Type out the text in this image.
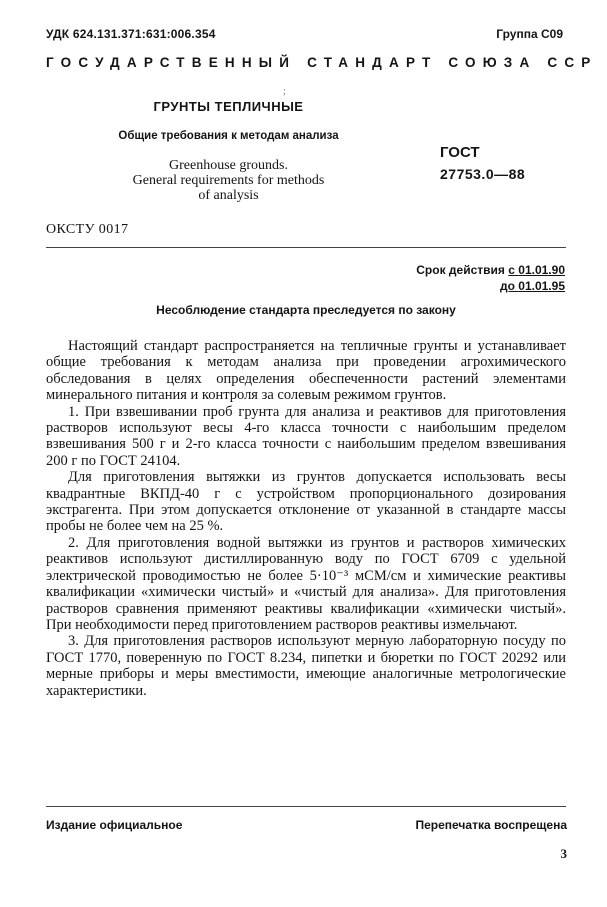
УДК 624.131.371:631:006.354	Группа С09
ГОСУДАРСТВЕННЫЙ СТАНДАРТ СОЮЗА ССР
;
ГРУНТЫ ТЕПЛИЧНЫЕ
Общие требования к методам анализа
Greenhouse grounds.
General requirements for methods
of analysis
ГОСТ
27753.0—88
ОКСТУ 0017
Срок действия с 01.01.90
до 01.01.95
Несоблюдение стандарта преследуется по закону

Настоящий стандарт распространяется на тепличные грунты и устанавливает общие требования к методам анализа при проведении агрохимического обследования в целях определения обеспеченности растений элементами минерального питания и контроля за солевым режимом грунтов.

1. При взвешивании проб грунта для анализа и реактивов для приготовления растворов используют весы 4-го класса точности с наибольшим пределом взвешивания 500 г и 2-го класса точности с наибольшим пределом взвешивания 200 г по ГОСТ 24104.

Для приготовления вытяжки из грунтов допускается использовать весы квадрантные ВКПД-40 г с устройством пропорционального дозирования экстрагента. При этом допускается отклонение от указанной в стандарте массы пробы не более чем на 25 %.

2. Для приготовления водной вытяжки из грунтов и растворов химических реактивов используют дистиллированную воду по ГОСТ 6709 с удельной электрической проводимостью не более 5·10⁻³ мСМ/см и химические реактивы квалификации «химически чистый» и «чистый для анализа». Для приготовления растворов сравнения применяют реактивы квалификации «химически чистый». При необходимости перед приготовлением растворов реактивы измельчают.

3. Для приготовления растворов используют мерную лабораторную посуду по ГОСТ 1770, поверенную по ГОСТ 8.234, пипетки и бюретки по ГОСТ 20292 или мерные приборы и меры вместимости, имеющие аналогичные метрологические характеристики.

Издание официальное	Перепечатка воспрещена
3
